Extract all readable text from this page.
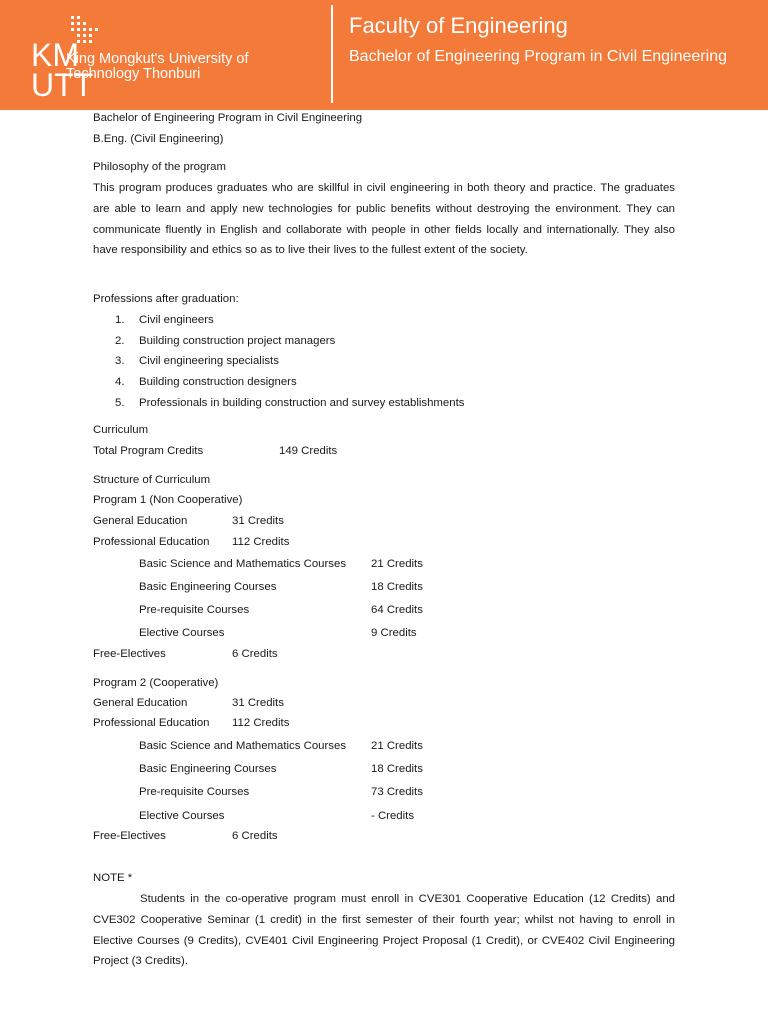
KM
UTT
King Mongkut's University of
Technology Thonburi
Faculty of Engineering
Bachelor of Engineering Program in Civil Engineering
Bachelor of Engineering Program in Civil Engineering
B.Eng. (Civil Engineering)
Philosophy of the program
This program produces graduates who are skillful in civil engineering in both theory and practice. The graduates are able to learn and apply new technologies for public benefits without destroying the environment. They can communicate fluently in English and collaborate with people in other fields locally and internationally. They also have responsibility and ethics so as to live their lives to the fullest extent of the society.
Professions after graduation:
1. Civil engineers
2. Building construction project managers
3. Civil engineering specialists
4. Building construction designers
5. Professionals in building construction and survey establishments
Curriculum
Total Program Credits	149 Credits
Structure of Curriculum
Program 1 (Non Cooperative)
General Education	31 Credits
Professional Education 112 Credits
Basic Science and Mathematics Courses 21 Credits
Basic Engineering Courses	18 Credits
Pre-requisite Courses	64 Credits
Elective Courses	9 Credits
Free-Electives	6 Credits
Program 2 (Cooperative)
General Education	31 Credits
Professional Education 112 Credits
Basic Science and Mathematics Courses 21 Credits
Basic Engineering Courses	18 Credits
Pre-requisite Courses	73 Credits
Elective Courses	- Credits
Free-Electives	6 Credits
NOTE *
Students in the co-operative program must enroll in CVE301 Cooperative Education (12 Credits) and CVE302 Cooperative Seminar (1 credit) in the first semester of their fourth year; whilst not having to enroll in Elective Courses (9 Credits), CVE401 Civil Engineering Project Proposal (1 Credit), or CVE402 Civil Engineering Project (3 Credits).
